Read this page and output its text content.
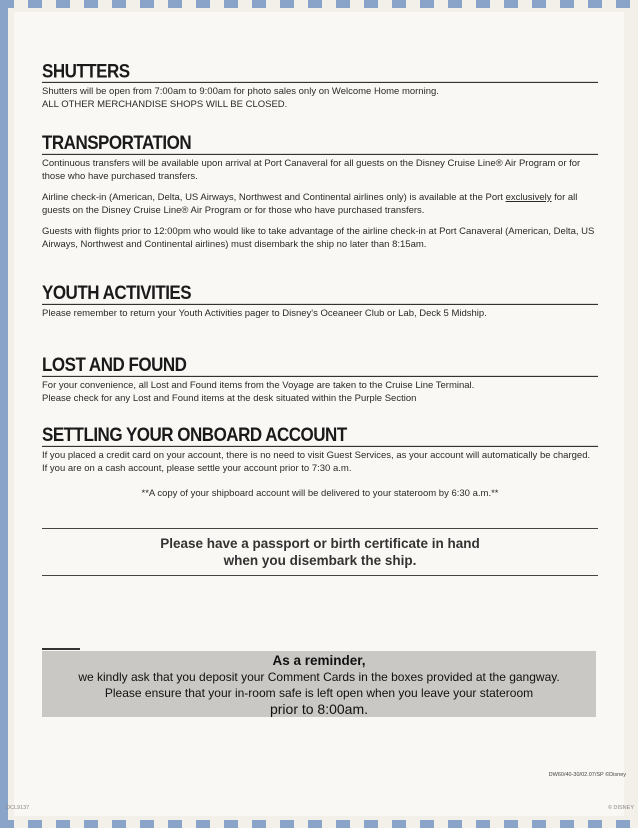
SHUTTERS

Shutters will be open from 7:00am to 9:00am for photo sales only on Welcome Home morning.
ALL OTHER MERCHANDISE SHOPS WILL BE CLOSED.

TRANSPORTATION

Continuous transfers will be available upon arrival at Port Canaveral for all guests on the Disney Cruise Line® Air Program or for those who have purchased transfers.

Airline check-in (American, Delta, US Airways, Northwest and Continental airlines only) is available at the Port exclusively for all guests on the Disney Cruise Line® Air Program or for those who have purchased transfers.

Guests with flights prior to 12:00pm who would like to take advantage of the airline check-in at Port Canaveral (American, Delta, US Airways, Northwest and Continental airlines) must disembark the ship no later than 8:15am.

YOUTH ACTIVITIES

Please remember to return your Youth Activities pager to Disney's Oceaneer Club or Lab, Deck 5 Midship.

LOST AND FOUND

For your convenience, all Lost and Found items from the Voyage are taken to the Cruise Line Terminal.
Please check for any Lost and Found items at the desk situated within the Purple Section

SETTLING YOUR ONBOARD ACCOUNT

If you placed a credit card on your account, there is no need to visit Guest Services, as your account will automatically be charged. If you are on a cash account, please settle your account prior to 7:30 a.m.

**A copy of your shipboard account will be delivered to your stateroom by 6:30 a.m.**
Please have a passport or birth certificate in hand
when you disembark the ship.
As a reminder,
we kindly ask that you deposit your Comment Cards in the boxes provided at the gangway.
Please ensure that your in-room safe is left open when you leave your stateroom
prior to 8:00am.
DW60/40-30/02.07/SP ©Disney
DCL9137	© DISNEY
